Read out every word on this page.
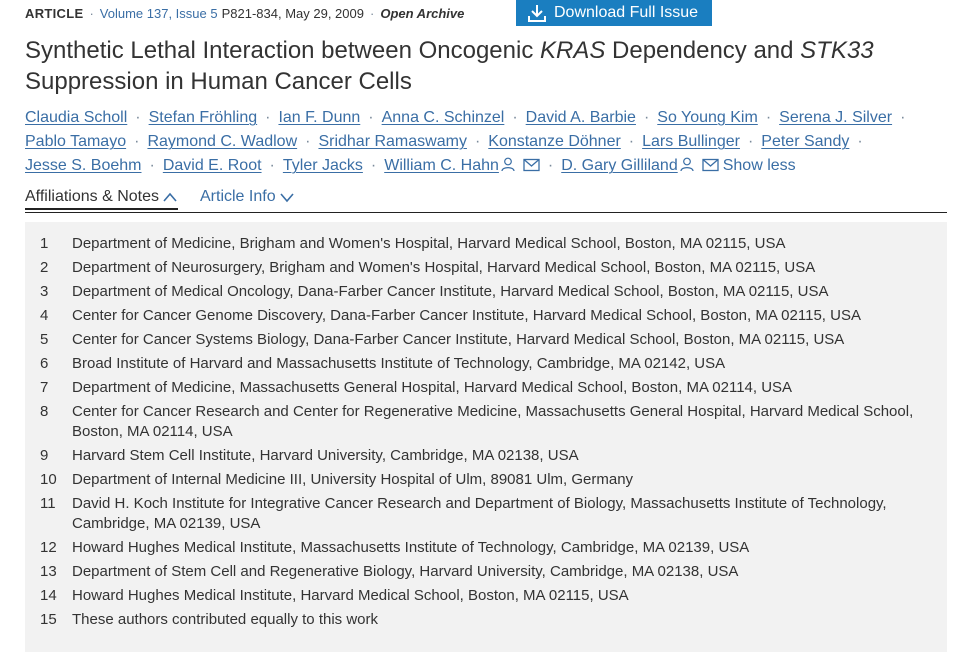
ARTICLE · Volume 137, Issue 5 P821-834, May 29, 2009 · Open Archive	Download Full Issue
Synthetic Lethal Interaction between Oncogenic KRAS Dependency and STK33 Suppression in Human Cancer Cells
Claudia Scholl · Stefan Fröhling · Ian F. Dunn · Anna C. Schinzel · David A. Barbie · So Young Kim · Serena J. Silver ·
Pablo Tamayo · Raymond C. Wadlow · Sridhar Ramaswamy · Konstanze Döhner · Lars Bullinger · Peter Sandy ·
Jesse S. Boehm · David E. Root · Tyler Jacks · William C. Hahn	· D. Gary Gilliland	Show less
Affiliations & Notes	Article Info
1 Department of Medicine, Brigham and Women's Hospital, Harvard Medical School, Boston, MA 02115, USA
2 Department of Neurosurgery, Brigham and Women's Hospital, Harvard Medical School, Boston, MA 02115, USA
3 Department of Medical Oncology, Dana-Farber Cancer Institute, Harvard Medical School, Boston, MA 02115, USA
4 Center for Cancer Genome Discovery, Dana-Farber Cancer Institute, Harvard Medical School, Boston, MA 02115, USA
5 Center for Cancer Systems Biology, Dana-Farber Cancer Institute, Harvard Medical School, Boston, MA 02115, USA
6 Broad Institute of Harvard and Massachusetts Institute of Technology, Cambridge, MA 02142, USA
7 Department of Medicine, Massachusetts General Hospital, Harvard Medical School, Boston, MA 02114, USA
8 Center for Cancer Research and Center for Regenerative Medicine, Massachusetts General Hospital, Harvard Medical School, Boston, MA 02114, USA
9 Harvard Stem Cell Institute, Harvard University, Cambridge, MA 02138, USA
10 Department of Internal Medicine III, University Hospital of Ulm, 89081 Ulm, Germany
11 David H. Koch Institute for Integrative Cancer Research and Department of Biology, Massachusetts Institute of Technology, Cambridge, MA 02139, USA
12 Howard Hughes Medical Institute, Massachusetts Institute of Technology, Cambridge, MA 02139, USA
13 Department of Stem Cell and Regenerative Biology, Harvard University, Cambridge, MA 02138, USA
14 Howard Hughes Medical Institute, Harvard Medical School, Boston, MA 02115, USA
15 These authors contributed equally to this work
